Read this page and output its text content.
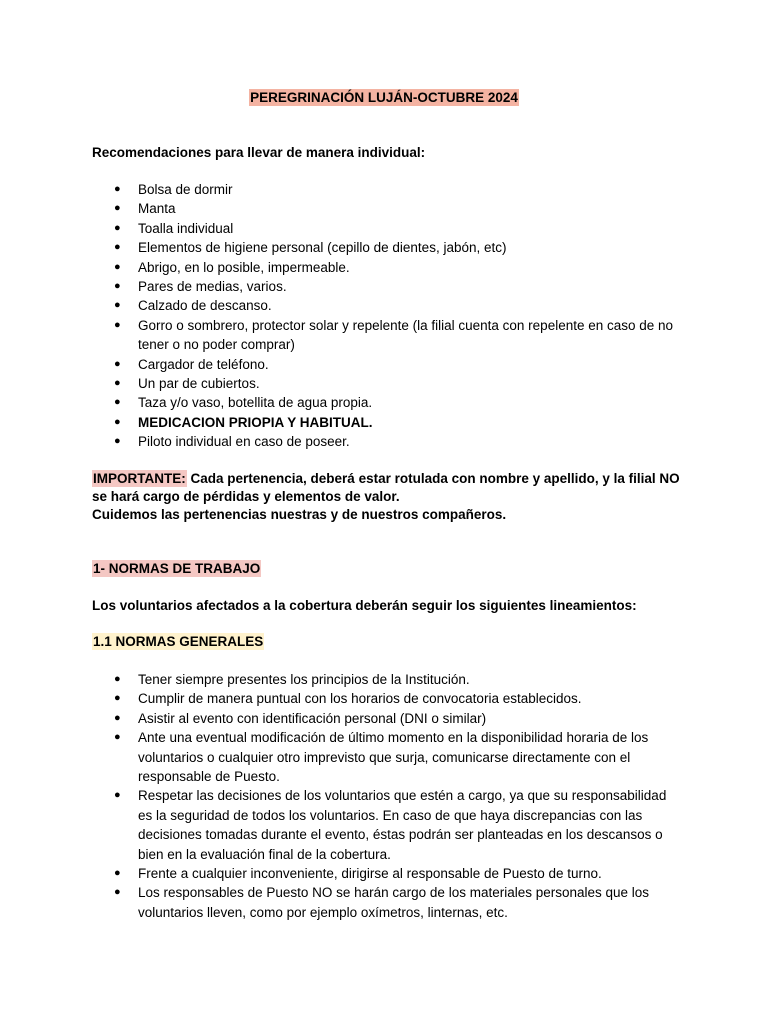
PEREGRINACIÓN LUJÁN-OCTUBRE 2024
Recomendaciones para llevar de manera individual:
● Bolsa de dormir
● Manta
● Toalla individual
● Elementos de higiene personal (cepillo de dientes, jabón, etc)
● Abrigo, en lo posible, impermeable.
● Pares de medias, varios.
● Calzado de descanso.
● Gorro o sombrero, protector solar y repelente (la filial cuenta con repelente en caso de no tener o no poder comprar)
● Cargador de teléfono.
● Un par de cubiertos.
● Taza y/o vaso, botellita de agua propia.
● MEDICACION PRIOPIA Y HABITUAL.
● Piloto individual en caso de poseer.
IMPORTANTE: Cada pertenencia, deberá estar rotulada con nombre y apellido, y la filial NO se hará cargo de pérdidas y elementos de valor.
Cuidemos las pertenencias nuestras y de nuestros compañeros.
1- NORMAS DE TRABAJO
Los voluntarios afectados a la cobertura deberán seguir los siguientes lineamientos:
1.1 NORMAS GENERALES
● Tener siempre presentes los principios de la Institución.
● Cumplir de manera puntual con los horarios de convocatoria establecidos.
● Asistir al evento con identificación personal (DNI o similar)
● Ante una eventual modificación de último momento en la disponibilidad horaria de los voluntarios o cualquier otro imprevisto que surja, comunicarse directamente con el responsable de Puesto.
● Respetar las decisiones de los voluntarios que estén a cargo, ya que su responsabilidad es la seguridad de todos los voluntarios. En caso de que haya discrepancias con las decisiones tomadas durante el evento, éstas podrán ser planteadas en los descansos o bien en la evaluación final de la cobertura.
● Frente a cualquier inconveniente, dirigirse al responsable de Puesto de turno.
● Los responsables de Puesto NO se harán cargo de los materiales personales que los voluntarios lleven, como por ejemplo oxímetros, linternas, etc.
